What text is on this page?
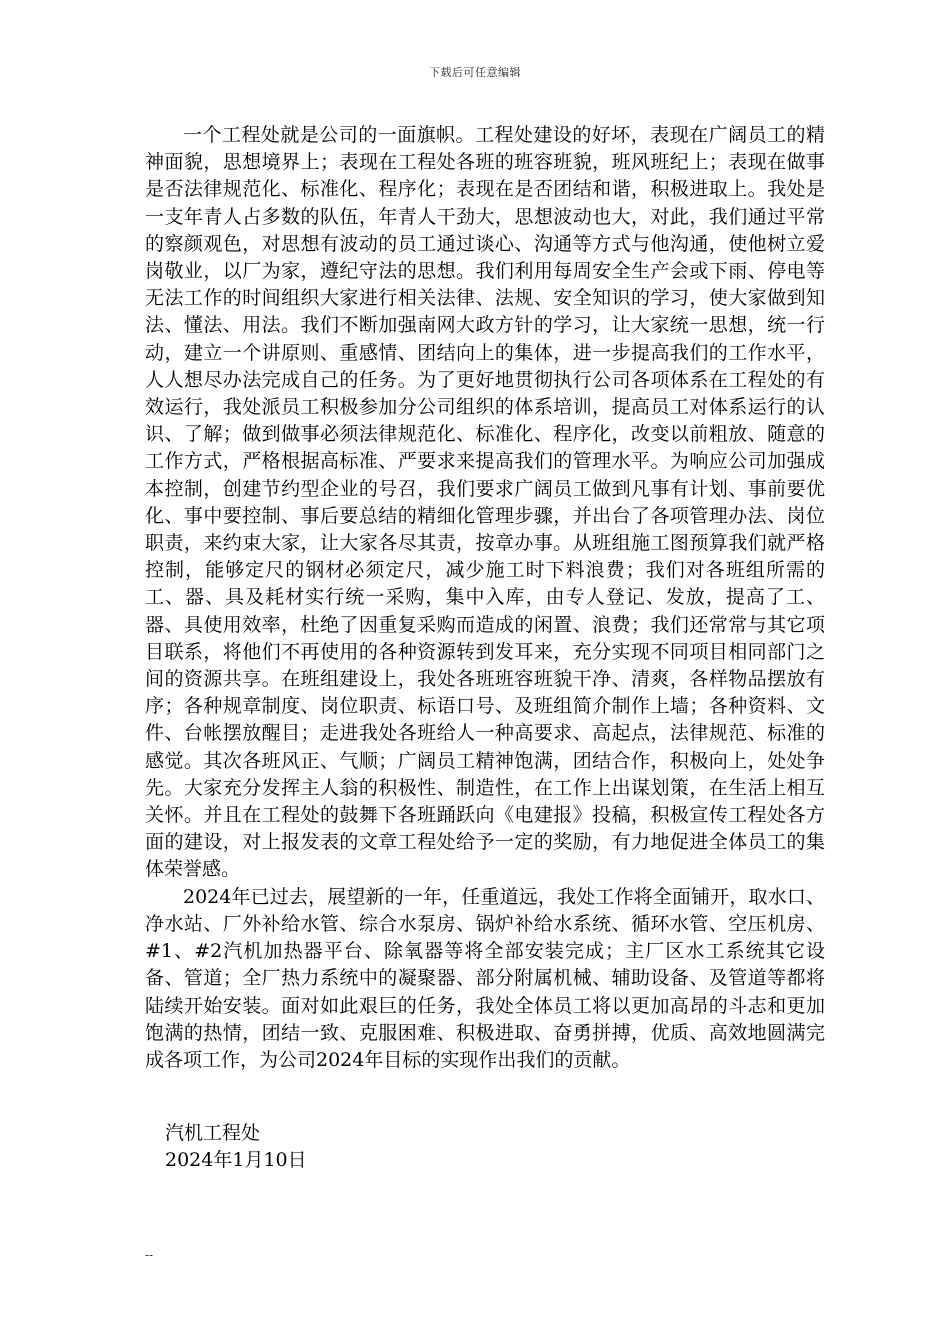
下载后可任意编辑

一个工程处就是公司的一面旗帜。工程处建设的好坏，表现在广阔员工的精神面貌，思想境界上；表现在工程处各班的班容班貌，班风班纪上；表现在做事是否法律规范化、标准化、程序化；表现在是否团结和谐，积极进取上。我处是一支年青人占多数的队伍，年青人干劲大，思想波动也大，对此，我们通过平常的察颜观色，对思想有波动的员工通过谈心、沟通等方式与他沟通，使他树立爱岗敬业，以厂为家，遵纪守法的思想。我们利用每周安全生产会或下雨、停电等无法工作的时间组织大家进行相关法律、法规、安全知识的学习，使大家做到知法、懂法、用法。我们不断加强南网大政方针的学习，让大家统一思想，统一行动，建立一个讲原则、重感情、团结向上的集体，进一步提高我们的工作水平，人人想尽办法完成自己的任务。为了更好地贯彻执行公司各项体系在工程处的有效运行，我处派员工积极参加分公司组织的体系培训，提高员工对体系运行的认识、了解；做到做事必须法律规范化、标准化、程序化，改变以前粗放、随意的工作方式，严格根据高标准、严要求来提高我们的管理水平。为响应公司加强成本控制，创建节约型企业的号召，我们要求广阔员工做到凡事有计划、事前要优化、事中要控制、事后要总结的精细化管理步骤，并出台了各项管理办法、岗位职责，来约束大家，让大家各尽其责，按章办事。从班组施工图预算我们就严格控制，能够定尺的钢材必须定尺，减少施工时下料浪费；我们对各班组所需的工、器、具及耗材实行统一采购，集中入库，由专人登记、发放，提高了工、器、具使用效率，杜绝了因重复采购而造成的闲置、浪费；我们还常常与其它项目联系，将他们不再使用的各种资源转到发耳来，充分实现不同项目相同部门之间的资源共享。在班组建设上，我处各班班容班貌干净、清爽，各样物品摆放有序；各种规章制度、岗位职责、标语口号、及班组简介制作上墙；各种资料、文件、台帐摆放醒目；走进我处各班给人一种高要求、高起点，法律规范、标准的感觉。其次各班风正、气顺；广阔员工精神饱满，团结合作，积极向上，处处争先。大家充分发挥主人翁的积极性、制造性，在工作上出谋划策，在生活上相互关怀。并且在工程处的鼓舞下各班踊跃向《电建报》投稿，积极宣传工程处各方面的建设，对上报发表的文章工程处给予一定的奖励，有力地促进全体员工的集体荣誉感。

2024年已过去，展望新的一年，任重道远，我处工作将全面铺开，取水口、净水站、厂外补给水管、综合水泵房、锅炉补给水系统、循环水管、空压机房、#1、#2汽机加热器平台、除氧器等将全部安装完成；主厂区水工系统其它设备、管道；全厂热力系统中的凝聚器、部分附属机械、辅助设备、及管道等都将陆续开始安装。面对如此艰巨的任务，我处全体员工将以更加高昂的斗志和更加饱满的热情，团结一致、克服困难、积极进取、奋勇拼搏，优质、高效地圆满完成各项工作，为公司2024年目标的实现作出我们的贡献。

汽机工程处
2024年1月10日
--
